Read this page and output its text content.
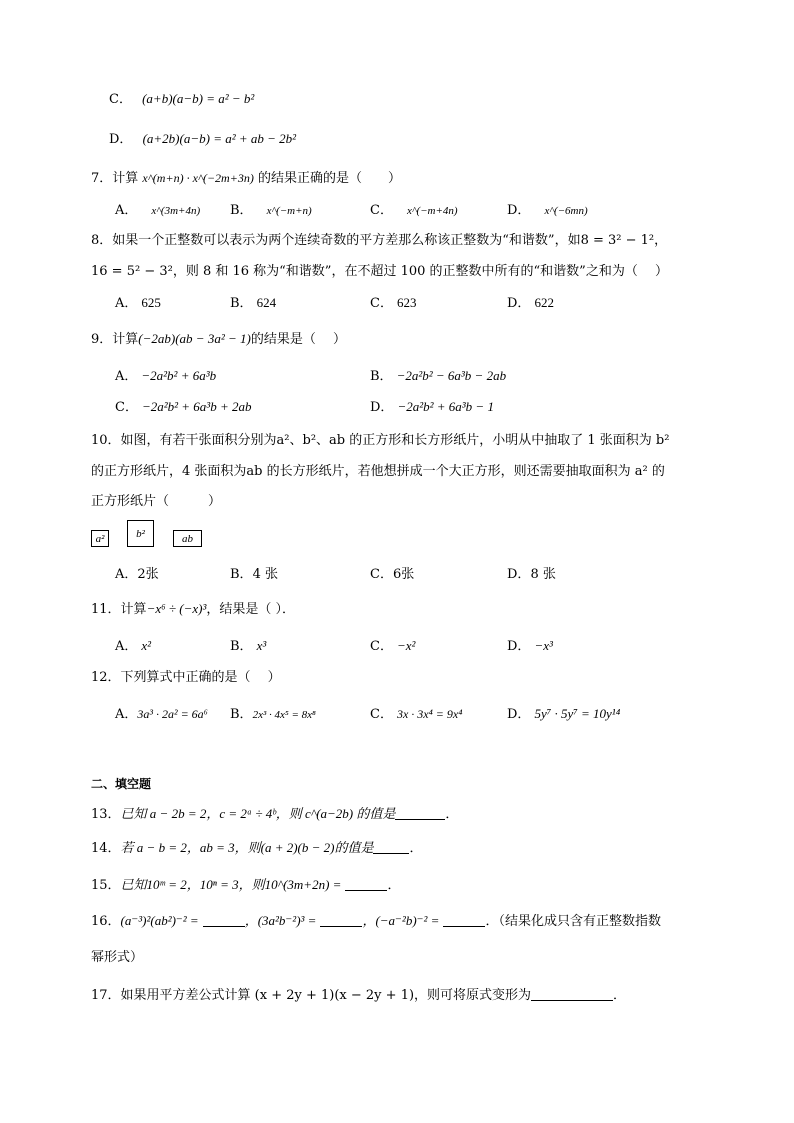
C． (a+b)(a−b) = a² − b²
D． (a+2b)(a−b) = a² + ab − 2b²
7．计算 x^(m+n) ∙ x^(−2m+3n) 的结果正确的是（　　）
A． x^(3m+4n) B． x^(−m+n)	C． x^(−m+4n)	D． x^(−6mn)
8．如果一个正整数可以表示为两个连续奇数的平方差那么称该正整数为“和谐数”，如8 = 3² − 1²，
16 = 5² − 3²，则 8 和 16 称为“和谐数”，在不超过 100 的正整数中所有的“和谐数”之和为（　 ）
A． 625	B． 624	C． 623	D． 622
9．计算(−2ab)(ab − 3a² − 1)的结果是（　 ）
A． −2a²b² + 6a³b	B． −2a²b² − 6a³b − 2ab
C． −2a²b² + 6a³b + 2ab	D． −2a²b² + 6a³b − 1
10．如图，有若干张面积分别为a²、b²、ab 的正方形和长方形纸片，小明从中抽取了 1 张面积为 b²
的正方形纸片，4 张面积为ab 的长方形纸片，若他想拼成一个大正方形，则还需要抽取面积为 a² 的
正方形纸片（　　　）
a²	b²	ab
A．2张	B．4 张	C．6张	D．8 张
11．计算−x⁶ ÷ (−x)³，结果是（ ）．
A． x²	B． x³	C． −x²	D． −x³
12．下列算式中正确的是（　 ）
A．3a³ · 2a² = 6a⁶ B．2x³ · 4x⁵ = 8x⁸	C． 3x · 3x⁴ = 9x⁴	D． 5y⁷ · 5y⁷ = 10y¹⁴
二、填空题
13．已知 a − 2b = 2，c = 2ᵃ ÷ 4ᵇ，则 c^(a−2b) 的值是	．
14．若 a − b = 2，ab = 3，则(a + 2)(b − 2)的值是	．
15．已知10ᵐ = 2，10ⁿ = 3，则10^(3m+2n) =	．
16．(a⁻³)²(ab²)⁻² =	，(3a²b⁻²)³ =	，(−a⁻²b)⁻² =	．（结果化成只含有正整数指数
幂形式）
17．如果用平方差公式计算 (x + 2y + 1)(x − 2y + 1)，则可将原式变形为	．
